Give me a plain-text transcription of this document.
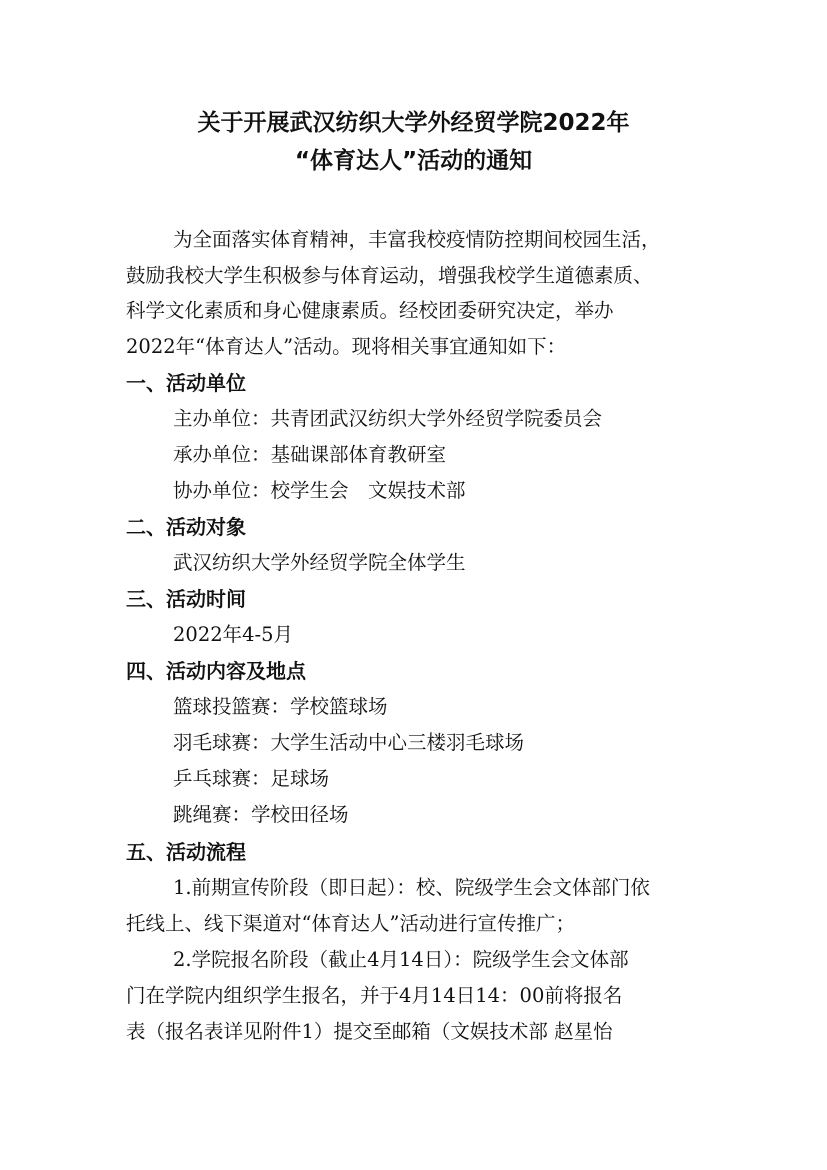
关于开展武汉纺织大学外经贸学院2022年
“体育达人”活动的通知
为全面落实体育精神，丰富我校疫情防控期间校园生活，
鼓励我校大学生积极参与体育运动，增强我校学生道德素质、
科学文化素质和身心健康素质。经校团委研究决定，举办
2022年“体育达人”活动。现将相关事宜通知如下：
一、活动单位
主办单位：共青团武汉纺织大学外经贸学院委员会
承办单位：基础课部体育教研室
协办单位：校学生会　文娱技术部
二、活动对象
武汉纺织大学外经贸学院全体学生
三、活动时间
2022年4-5月
四、活动内容及地点
篮球投篮赛：学校篮球场
羽毛球赛：大学生活动中心三楼羽毛球场
乒乓球赛：足球场
跳绳赛：学校田径场
五、活动流程
1.前期宣传阶段（即日起）：校、院级学生会文体部门依
托线上、线下渠道对“体育达人”活动进行宣传推广；
2.学院报名阶段（截止4月14日）：院级学生会文体部
门在学院内组织学生报名，并于4月14日14：00前将报名
表（报名表详见附件1）提交至邮箱（文娱技术部 赵星怡
